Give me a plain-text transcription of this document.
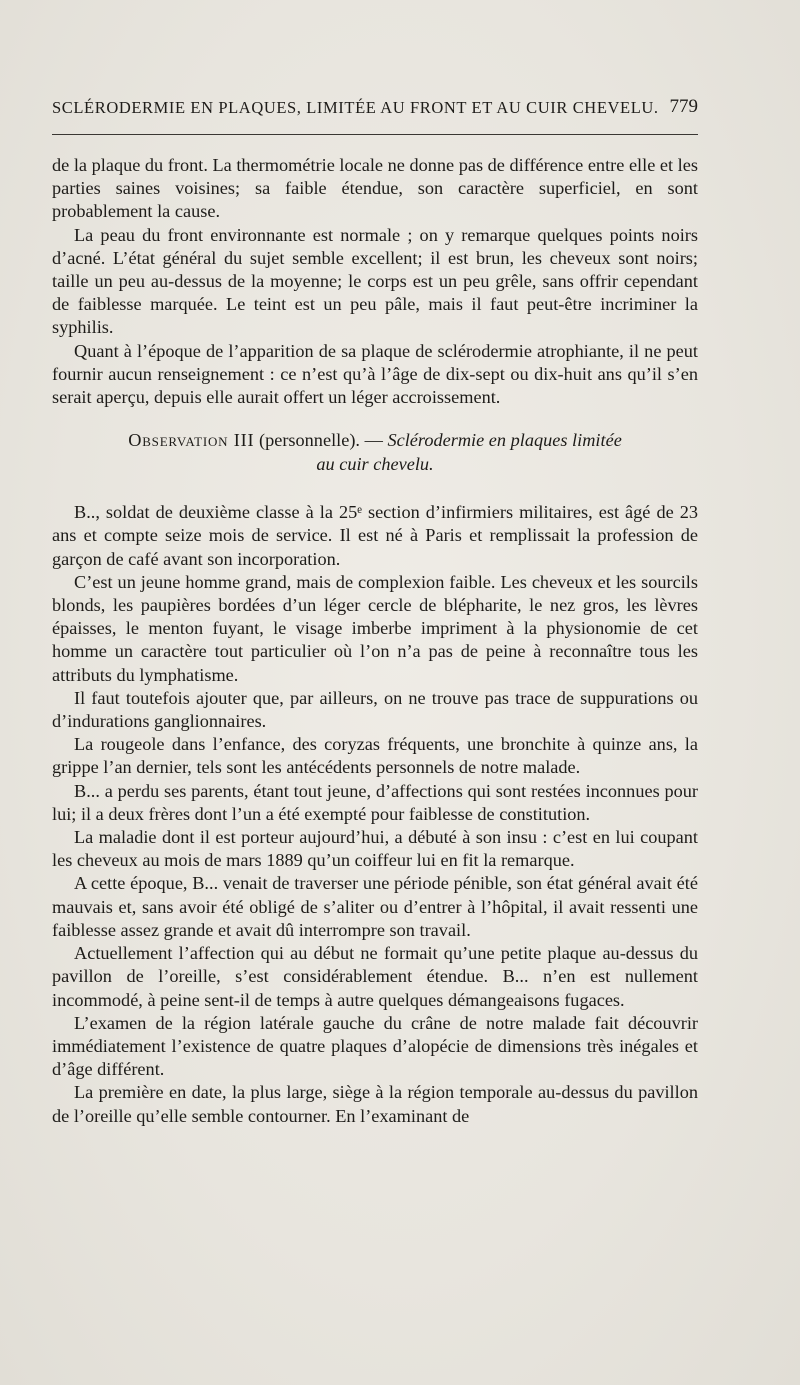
SCLÉRODERMIE EN PLAQUES, LIMITÉE AU FRONT ET AU CUIR CHEVELU. 779

de la plaque du front. La thermométrie locale ne donne pas de différence entre elle et les parties saines voisines; sa faible étendue, son caractère superficiel, en sont probablement la cause.

La peau du front environnante est normale ; on y remarque quelques points noirs d’acné. L’état général du sujet semble excellent; il est brun, les cheveux sont noirs; taille un peu au-dessus de la moyenne; le corps est un peu grêle, sans offrir cependant de faiblesse marquée. Le teint est un peu pâle, mais il faut peut-être incriminer la syphilis.

Quant à l’époque de l’apparition de sa plaque de sclérodermie atrophiante, il ne peut fournir aucun renseignement : ce n’est qu’à l’âge de dix-sept ou dix-huit ans qu’il s’en serait aperçu, depuis elle aurait offert un léger accroissement.

Observation III (personnelle). — Sclérodermie en plaques limitée
au cuir chevelu.

B.., soldat de deuxième classe à la 25ᵉ section d’infirmiers militaires, est âgé de 23 ans et compte seize mois de service. Il est né à Paris et remplissait la profession de garçon de café avant son incorporation.

C’est un jeune homme grand, mais de complexion faible. Les cheveux et les sourcils blonds, les paupières bordées d’un léger cercle de blépharite, le nez gros, les lèvres épaisses, le menton fuyant, le visage imberbe impriment à la physionomie de cet homme un caractère tout particulier où l’on n’a pas de peine à reconnaître tous les attributs du lymphatisme.

Il faut toutefois ajouter que, par ailleurs, on ne trouve pas trace de suppurations ou d’indurations ganglionnaires.

La rougeole dans l’enfance, des coryzas fréquents, une bronchite à quinze ans, la grippe l’an dernier, tels sont les antécédents personnels de notre malade.

B... a perdu ses parents, étant tout jeune, d’affections qui sont restées inconnues pour lui; il a deux frères dont l’un a été exempté pour faiblesse de constitution.

La maladie dont il est porteur aujourd’hui, a débuté à son insu : c’est en lui coupant les cheveux au mois de mars 1889 qu’un coiffeur lui en fit la remarque.

A cette époque, B... venait de traverser une période pénible, son état général avait été mauvais et, sans avoir été obligé de s’aliter ou d’entrer à l’hôpital, il avait ressenti une faiblesse assez grande et avait dû interrompre son travail.

Actuellement l’affection qui au début ne formait qu’une petite plaque au-dessus du pavillon de l’oreille, s’est considérablement étendue. B... n’en est nullement incommodé, à peine sent-il de temps à autre quelques démangeaisons fugaces.

L’examen de la région latérale gauche du crâne de notre malade fait découvrir immédiatement l’existence de quatre plaques d’alopécie de dimensions très inégales et d’âge différent.

La première en date, la plus large, siège à la région temporale au-dessus du pavillon de l’oreille qu’elle semble contourner. En l’examinant de
